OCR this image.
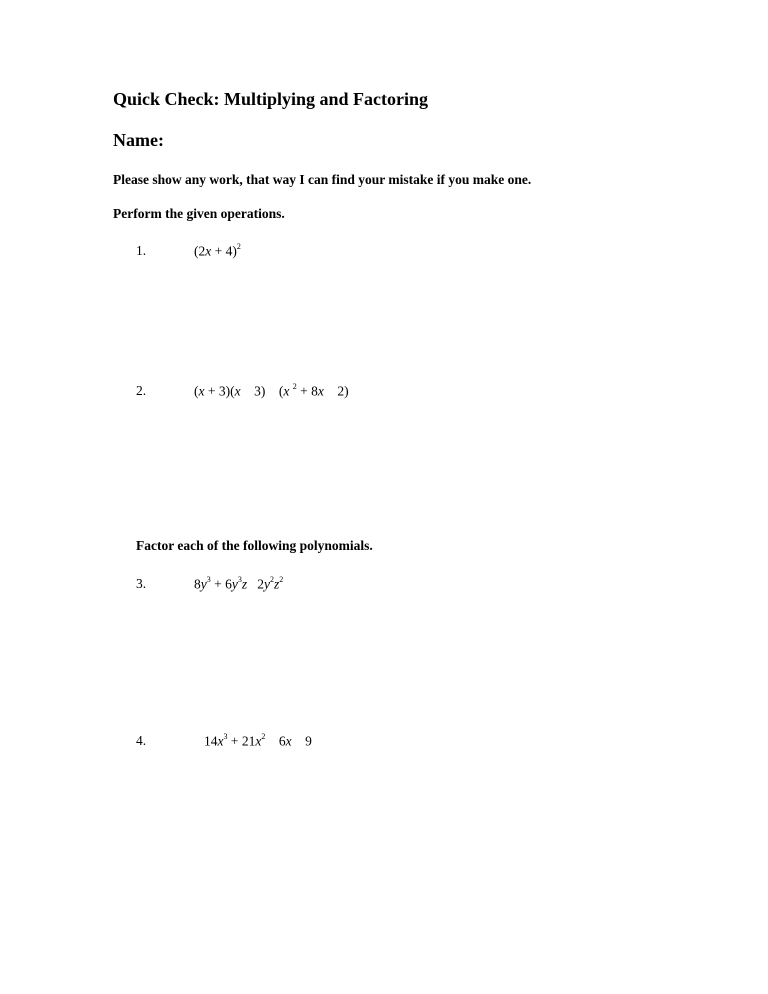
Quick Check: Multiplying and Factoring
Name:
Please show any work, that way I can find your mistake if you make one.
Perform the given operations.
1.	$(2x + 4)^2$
2.	(x + 3)(x    3)    (x $^2$ + 8x    2)
Factor each of the following polynomials.
3.	$8y^3 + 6y^3z$   $2y^2z^2$
4.	$14x^3 + 21x^2$    6x    9
